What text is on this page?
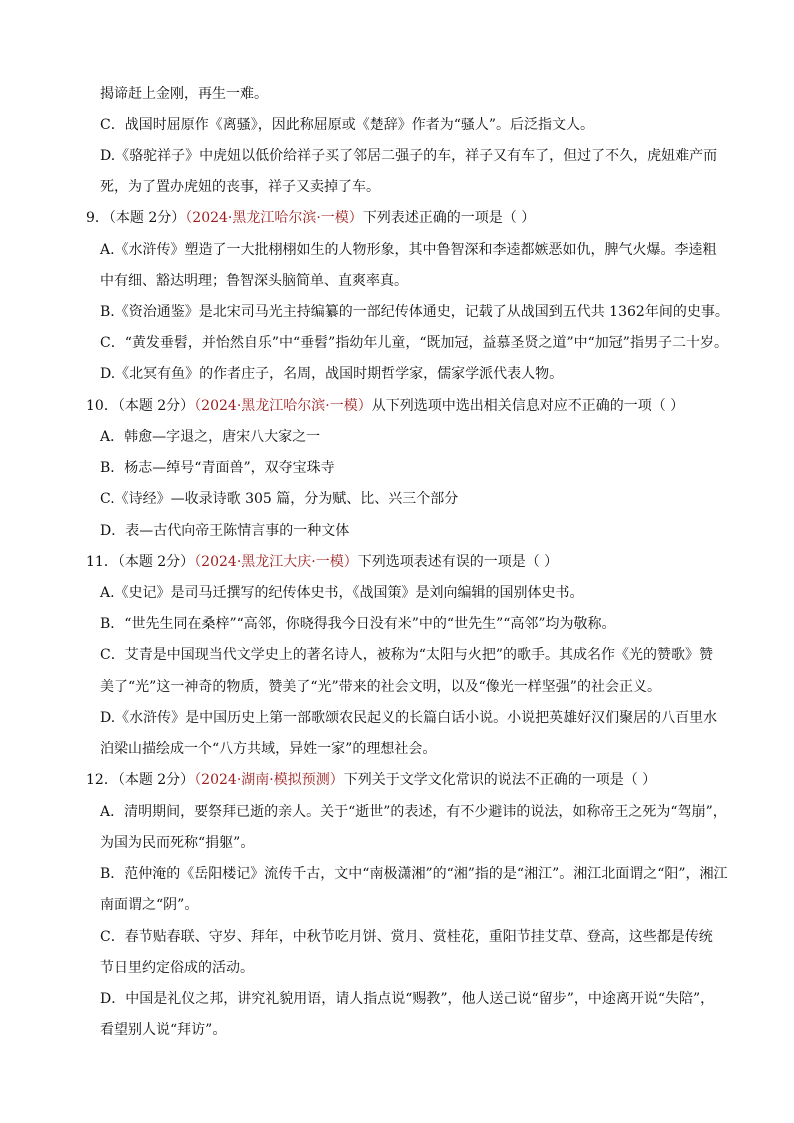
揭谛赶上金刚，再生一难。
C．战国时屈原作《离骚》，因此称屈原或《楚辞》作者为“骚人”。后泛指文人。
D.《骆驼祥子》中虎妞以低价给祥子买了邻居二强子的车，祥子又有车了，但过了不久，虎妞难产而
死，为了置办虎妞的丧事，祥子又卖掉了车。
9．（本题 2分）（2024·黑龙江哈尔滨·一模）下列表述正确的一项是（ ）
A.《水浒传》塑造了一大批栩栩如生的人物形象，其中鲁智深和李逵都嫉恶如仇，脾气火爆。李逵粗
中有细、豁达明理；鲁智深头脑简单、直爽率真。
B.《资治通鉴》是北宋司马光主持编纂的一部纪传体通史，记载了从战国到五代共 1362年间的史事。
C．“黄发垂髫，并怡然自乐”中“垂髫”指幼年儿童，“既加冠，益慕圣贤之道”中“加冠”指男子二十岁。
D.《北冥有鱼》的作者庄子，名周，战国时期哲学家，儒家学派代表人物。
10．（本题 2分）（2024·黑龙江哈尔滨·一模）从下列选项中选出相关信息对应不正确的一项（ ）
A．韩愈—字退之，唐宋八大家之一
B．杨志—绰号“青面兽”，双夺宝珠寺
C.《诗经》—收录诗歌 305 篇，分为赋、比、兴三个部分
D．表—古代向帝王陈情言事的一种文体
11．（本题 2分）（2024·黑龙江大庆·一模）下列选项表述有误的一项是（ ）
A.《史记》是司马迁撰写的纪传体史书，《战国策》是刘向编辑的国别体史书。
B．“世先生同在桑梓”“高邻，你晓得我今日没有米”中的“世先生”“高邻”均为敬称。
C．艾青是中国现当代文学史上的著名诗人，被称为“太阳与火把”的歌手。其成名作《光的赞歌》赞
美了“光”这一神奇的物质，赞美了“光”带来的社会文明，以及“像光一样坚强”的社会正义。
D.《水浒传》是中国历史上第一部歌颂农民起义的长篇白话小说。小说把英雄好汉们聚居的八百里水
泊梁山描绘成一个“八方共域，异姓一家”的理想社会。
12．（本题 2分）（2024·湖南·模拟预测）下列关于文学文化常识的说法不正确的一项是（ ）
A．清明期间，要祭拜已逝的亲人。关于“逝世”的表述，有不少避讳的说法，如称帝王之死为“驾崩”，
为国为民而死称“捐躯”。
B．范仲淹的《岳阳楼记》流传千古，文中“南极潇湘”的“湘”指的是“湘江”。湘江北面谓之“阳”，湘江
南面谓之“阴”。
C．春节贴春联、守岁、拜年，中秋节吃月饼、赏月、赏桂花，重阳节挂艾草、登高，这些都是传统
节日里约定俗成的活动。
D．中国是礼仪之邦，讲究礼貌用语，请人指点说“赐教”，他人送己说“留步”，中途离开说“失陪”，
看望别人说“拜访”。
